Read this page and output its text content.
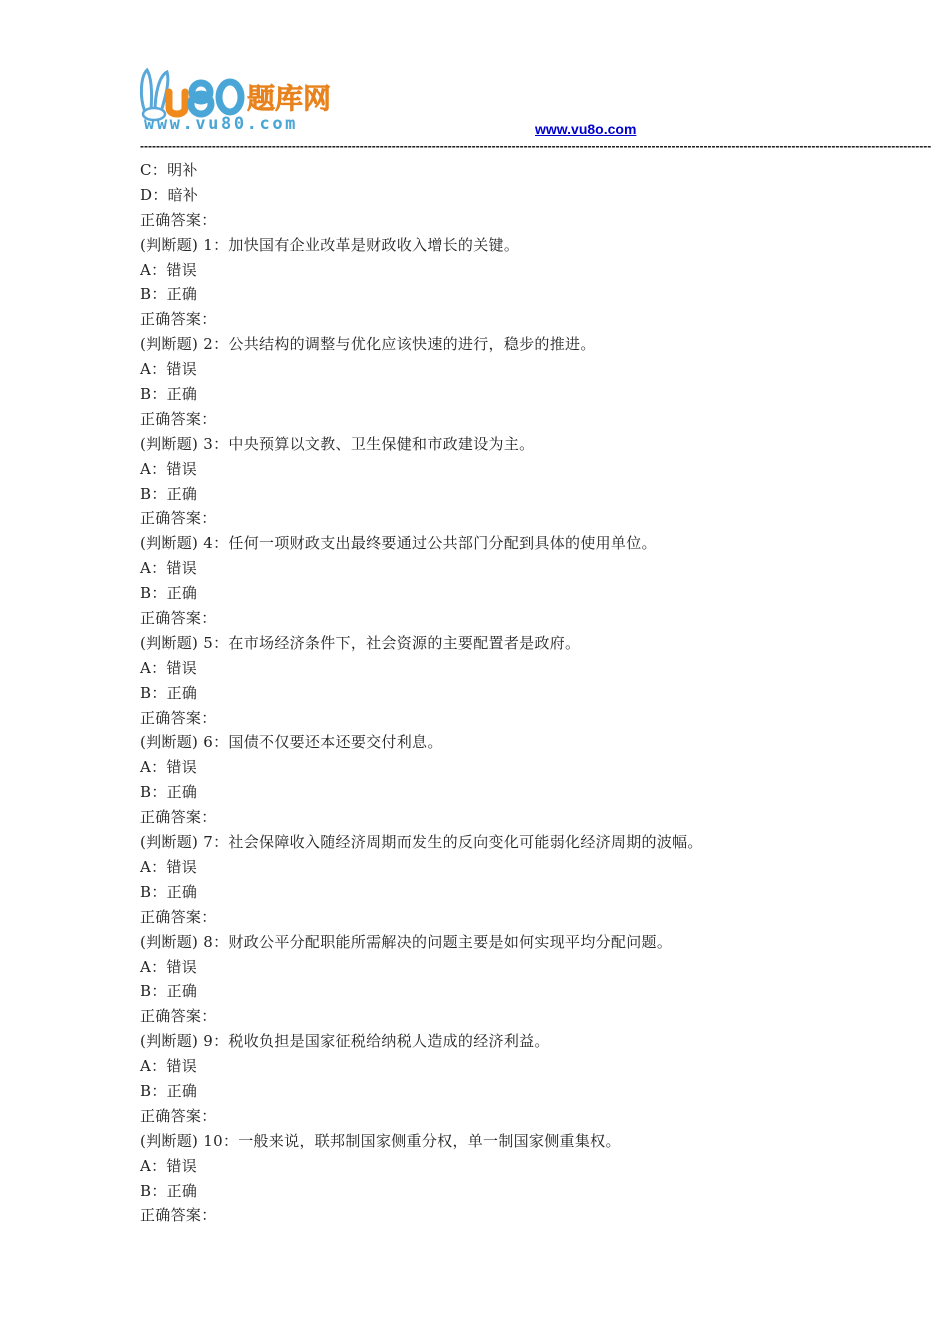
题库网
www.vu80.com	www.vu8o.com
------------------------------------------------------------------------------------------------------------------------------------------------------------------------------------------------------
C：明补
D：暗补
正确答案：
(判断题) 1：加快国有企业改革是财政收入增长的关键。
A：错误
B：正确
正确答案：
(判断题) 2：公共结构的调整与优化应该快速的进行，稳步的推进。
A：错误
B：正确
正确答案：
(判断题) 3：中央预算以文教、卫生保健和市政建设为主。
A：错误
B：正确
正确答案：
(判断题) 4：任何一项财政支出最终要通过公共部门分配到具体的使用单位。
A：错误
B：正确
正确答案：
(判断题) 5：在市场经济条件下，社会资源的主要配置者是政府。
A：错误
B：正确
正确答案：
(判断题) 6：国债不仅要还本还要交付利息。
A：错误
B：正确
正确答案：
(判断题) 7：社会保障收入随经济周期而发生的反向变化可能弱化经济周期的波幅。
A：错误
B：正确
正确答案：
(判断题) 8：财政公平分配职能所需解决的问题主要是如何实现平均分配问题。
A：错误
B：正确
正确答案：
(判断题) 9：税收负担是国家征税给纳税人造成的经济利益。
A：错误
B：正确
正确答案：
(判断题) 10：一般来说，联邦制国家侧重分权，单一制国家侧重集权。
A：错误
B：正确
正确答案：
